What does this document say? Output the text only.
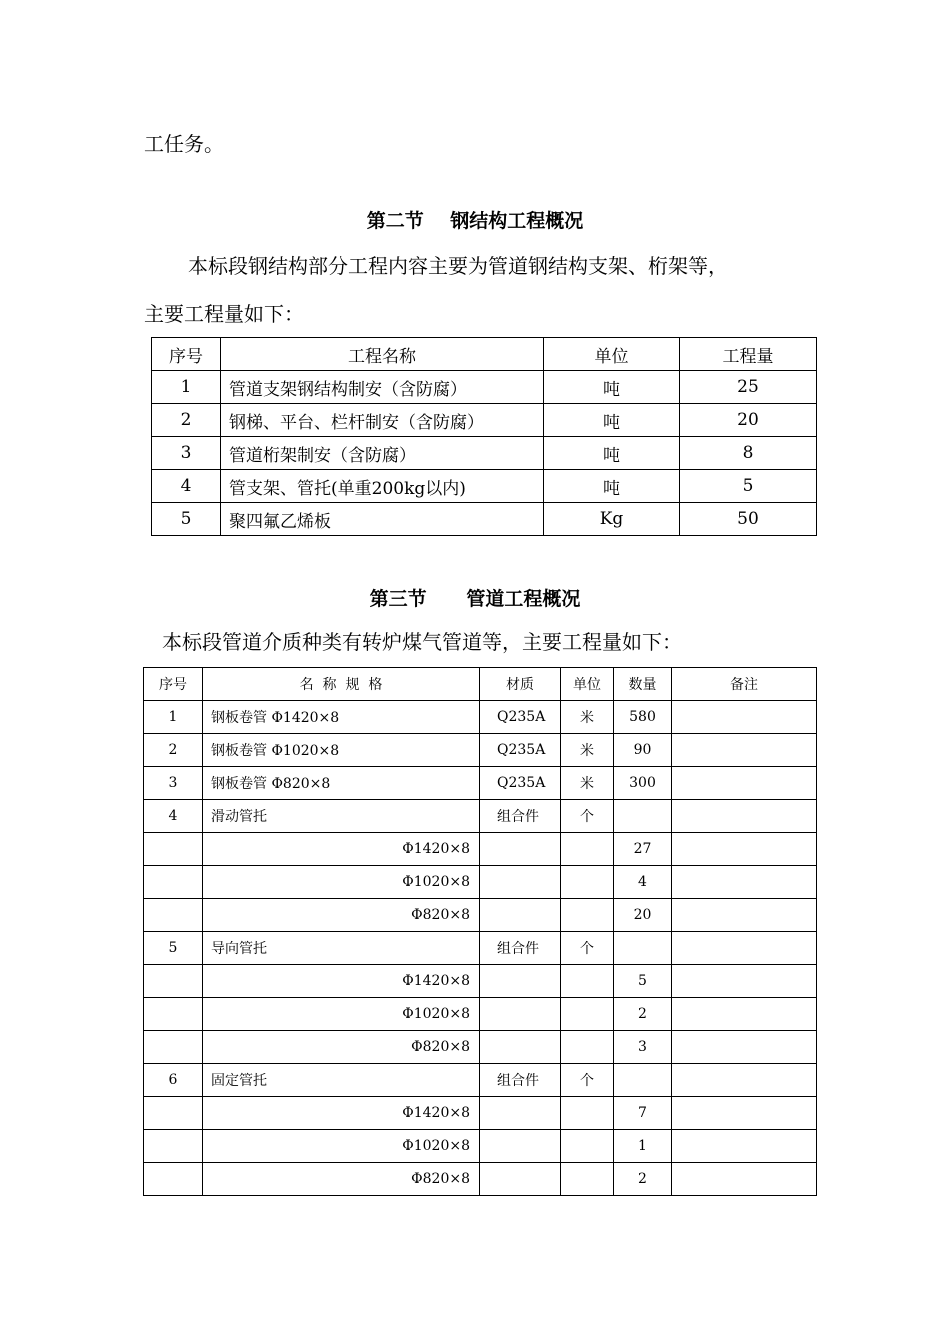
工任务。
第二节    钢结构工程概况
本标段钢结构部分工程内容主要为管道钢结构支架、桁架等，
主要工程量如下：
序号	工程名称	单位	工程量
1	管道支架钢结构制安（含防腐）	吨	25
2	钢梯、平台、栏杆制安（含防腐）	吨	20
3	管道桁架制安（含防腐）	吨	8
4	管支架、管托(单重200kg以内)	吨	5
5	聚四氟乙烯板	Kg	50
第三节      管道工程概况
本标段管道介质种类有转炉煤气管道等，主要工程量如下：
序号	名  称  规  格	材质	单位	数量	备注
1	钢板卷管 Φ1420×8	Q235A	米	580	
2	钢板卷管 Φ1020×8	Q235A	米	90	
3	钢板卷管 Φ820×8	Q235A	米	300	
4	滑动管托	组合件	个		
	Φ1420×8			27	
	Φ1020×8			4	
	Φ820×8			20	
5	导向管托	组合件	个		
	Φ1420×8			5	
	Φ1020×8			2	
	Φ820×8			3	
6	固定管托	组合件	个		
	Φ1420×8			7	
	Φ1020×8			1	
	Φ820×8			2	
